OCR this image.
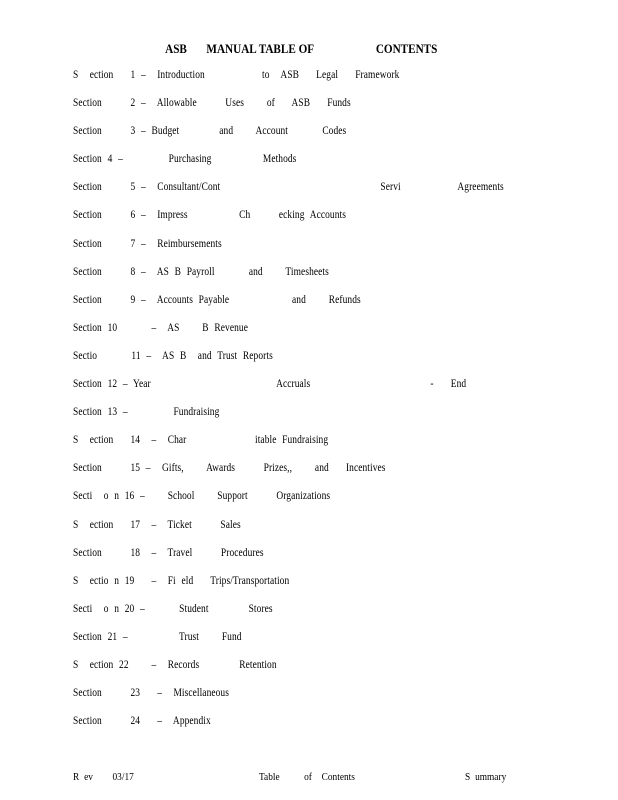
ASB       MANUAL TABLE OF	CONTENTS
S  ection   1 –  Introduction          to  ASB   Legal   Framework
Section     2 –  Allowable     Uses    of   ASB   Funds
Section     3 – Budget       and    Account      Codes
Section 4 –        Purchasing         Methods
Section     5 –  Consultant/Cont                            Servi          Agreements
Section     6 –  Impress         Ch     ecking Accounts
Section     7 –  Reimbursements
Section     8 –  AS B Payroll      and    Timesheets
Section     9 –  Accounts Payable           and    Refunds
Section 10      –  AS    B Revenue
Sectio      11 –  AS B  and Trust Reports
Section 12 – Year                      Accruals                     -   End
Section 13 –        Fundraising
S  ection   14  –  Char            itable Fundraising
Section     15 –  Gifts,    Awards     Prizes,,    and   Incentives
Secti  o n 16 –    School    Support     Organizations
S  ection   17  –  Ticket     Sales
Section     18  –  Travel     Procedures
S  ectio n 19   –  Fi eld   Trips/Transportation
Secti  o n 20 –      Student       Stores
Section 21 –         Trust    Fund
S  ection 22    –  Records       Retention
Section     23   –  Miscellaneous
Section     24   –  Appendix
R ev    03/17	Table     of  Contents	S ummary
